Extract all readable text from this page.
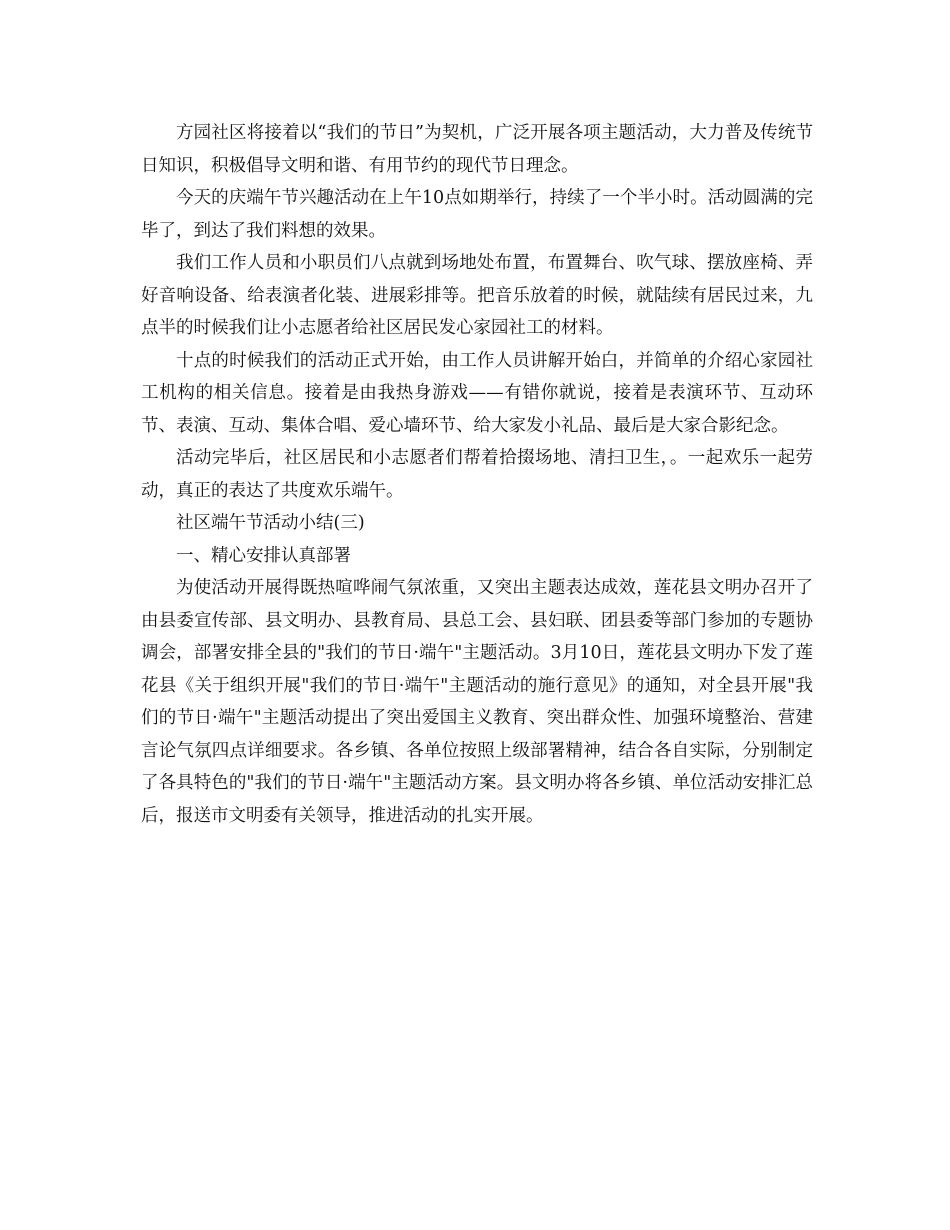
方园社区将接着以“我们的节日”为契机，广泛开展各项主题活动，大力普及传统节日知识，积极倡导文明和谐、有用节约的现代节日理念。

今天的庆端午节兴趣活动在上午10点如期举行，持续了一个半小时。活动圆满的完毕了，到达了我们料想的效果。

我们工作人员和小职员们八点就到场地处布置，布置舞台、吹气球、摆放座椅、弄好音响设备、给表演者化装、进展彩排等。把音乐放着的时候，就陆续有居民过来，九点半的时候我们让小志愿者给社区居民发心家园社工的材料。

十点的时候我们的活动正式开始，由工作人员讲解开始白，并简单的介绍心家园社工机构的相关信息。接着是由我热身游戏——有错你就说，接着是表演环节、互动环节、表演、互动、集体合唱、爱心墙环节、给大家发小礼品、最后是大家合影纪念。

活动完毕后，社区居民和小志愿者们帮着拾掇场地、清扫卫生，。一起欢乐一起劳动，真正的表达了共度欢乐端午。

社区端午节活动小结(三)

一、精心安排认真部署

为使活动开展得既热喧哗闹气氛浓重，又突出主题表达成效，莲花县文明办召开了由县委宣传部、县文明办、县教育局、县总工会、县妇联、团县委等部门参加的专题协调会，部署安排全县的"我们的节日·端午"主题活动。3月10日，莲花县文明办下发了莲花县《关于组织开展"我们的节日·端午"主题活动的施行意见》的通知，对全县开展"我们的节日·端午"主题活动提出了突出爱国主义教育、突出群众性、加强环境整治、营建言论气氛四点详细要求。各乡镇、各单位按照上级部署精神，结合各自实际，分别制定了各具特色的"我们的节日·端午"主题活动方案。县文明办将各乡镇、单位活动安排汇总后，报送市文明委有关领导，推进活动的扎实开展。
